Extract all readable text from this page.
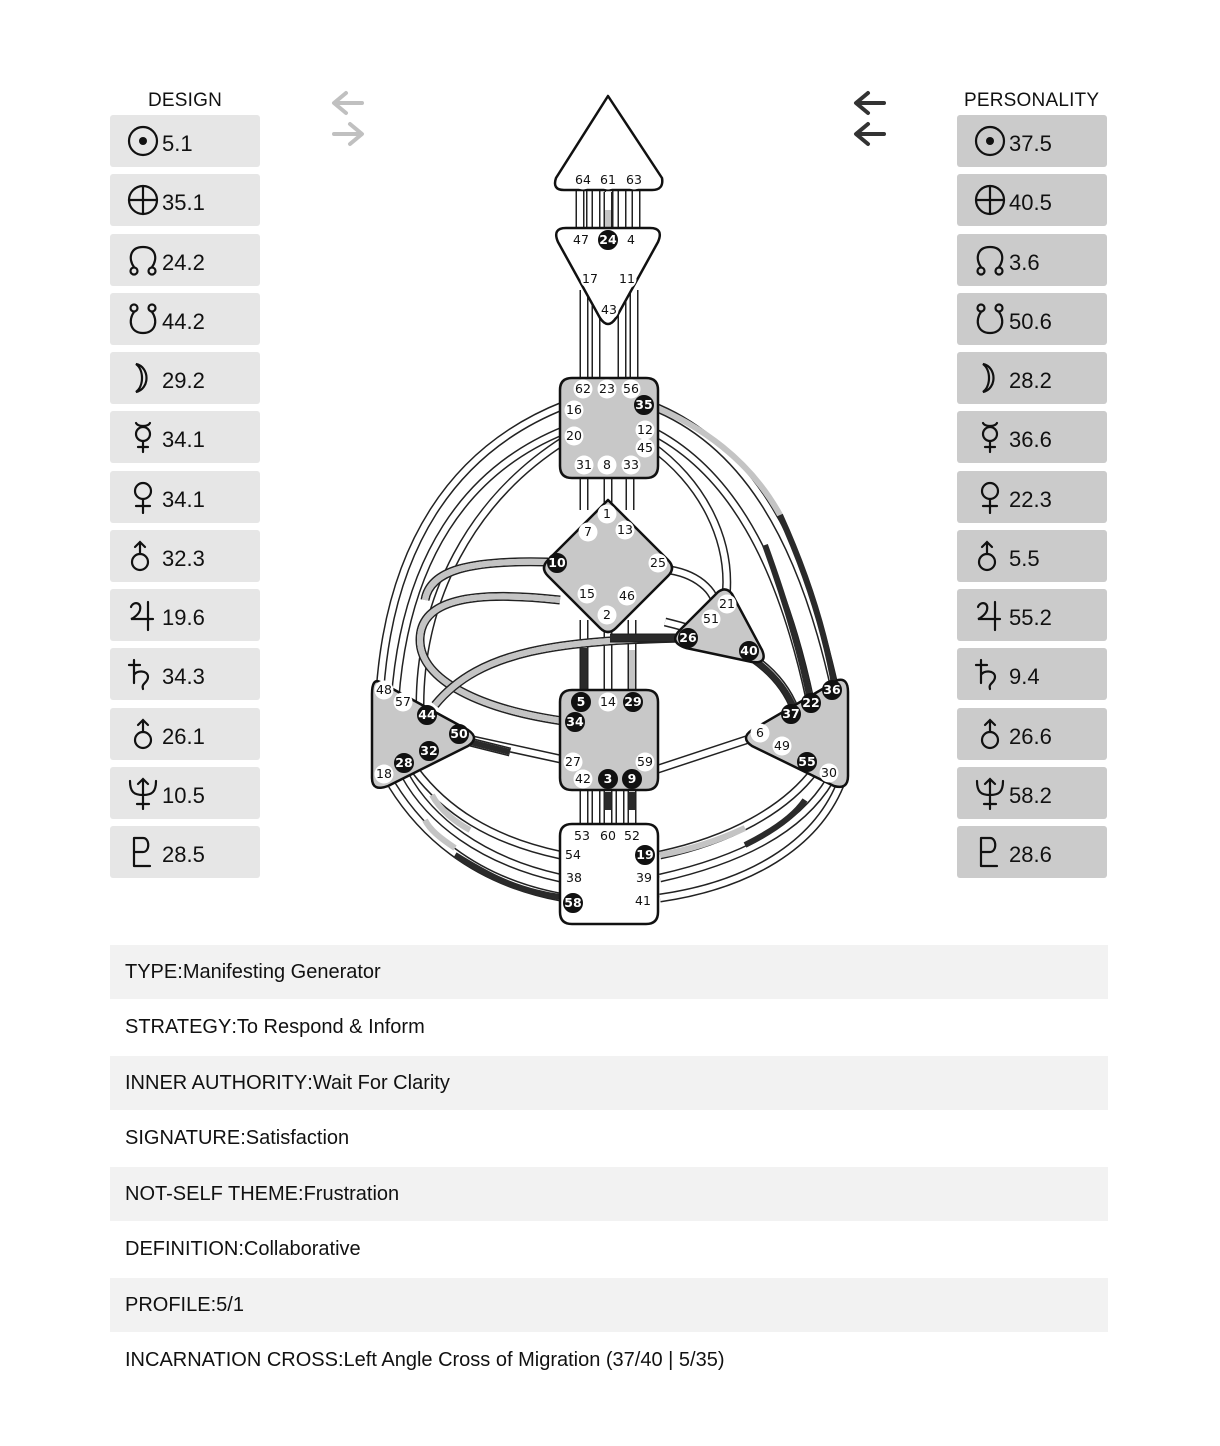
64 61 63
47 24 4
17 11
43
62 23 56
16	35
12
20
45
31 8 33
1
7 13
10	25
15 46
2
21
51
26
40
48
57
44
50
32
18
28
5 14 29
34
27	59
42 3 9
36
22
37
6
49
55
30
53 60 52
54	19
38	39
58	41
DESIGN
5.1
35.1
24.2
44.2
29.2
34.1
34.1
32.3
19.6
34.3
26.1
10.5
28.5
PERSONALITY
37.5
40.5
3.6
50.6
28.2
36.6
22.3
5.5
55.2
9.4
26.6
58.2
28.6
TYPE : Manifesting Generator
STRATEGY : To Respond & Inform
INNER AUTHORITY : Wait For Clarity
SIGNATURE : Satisfaction
NOT-SELF THEME : Frustration
DEFINITION : Collaborative
PROFILE : 5/1
INCARNATION CROSS : Left Angle Cross of Migration (37/40 | 5/35)
